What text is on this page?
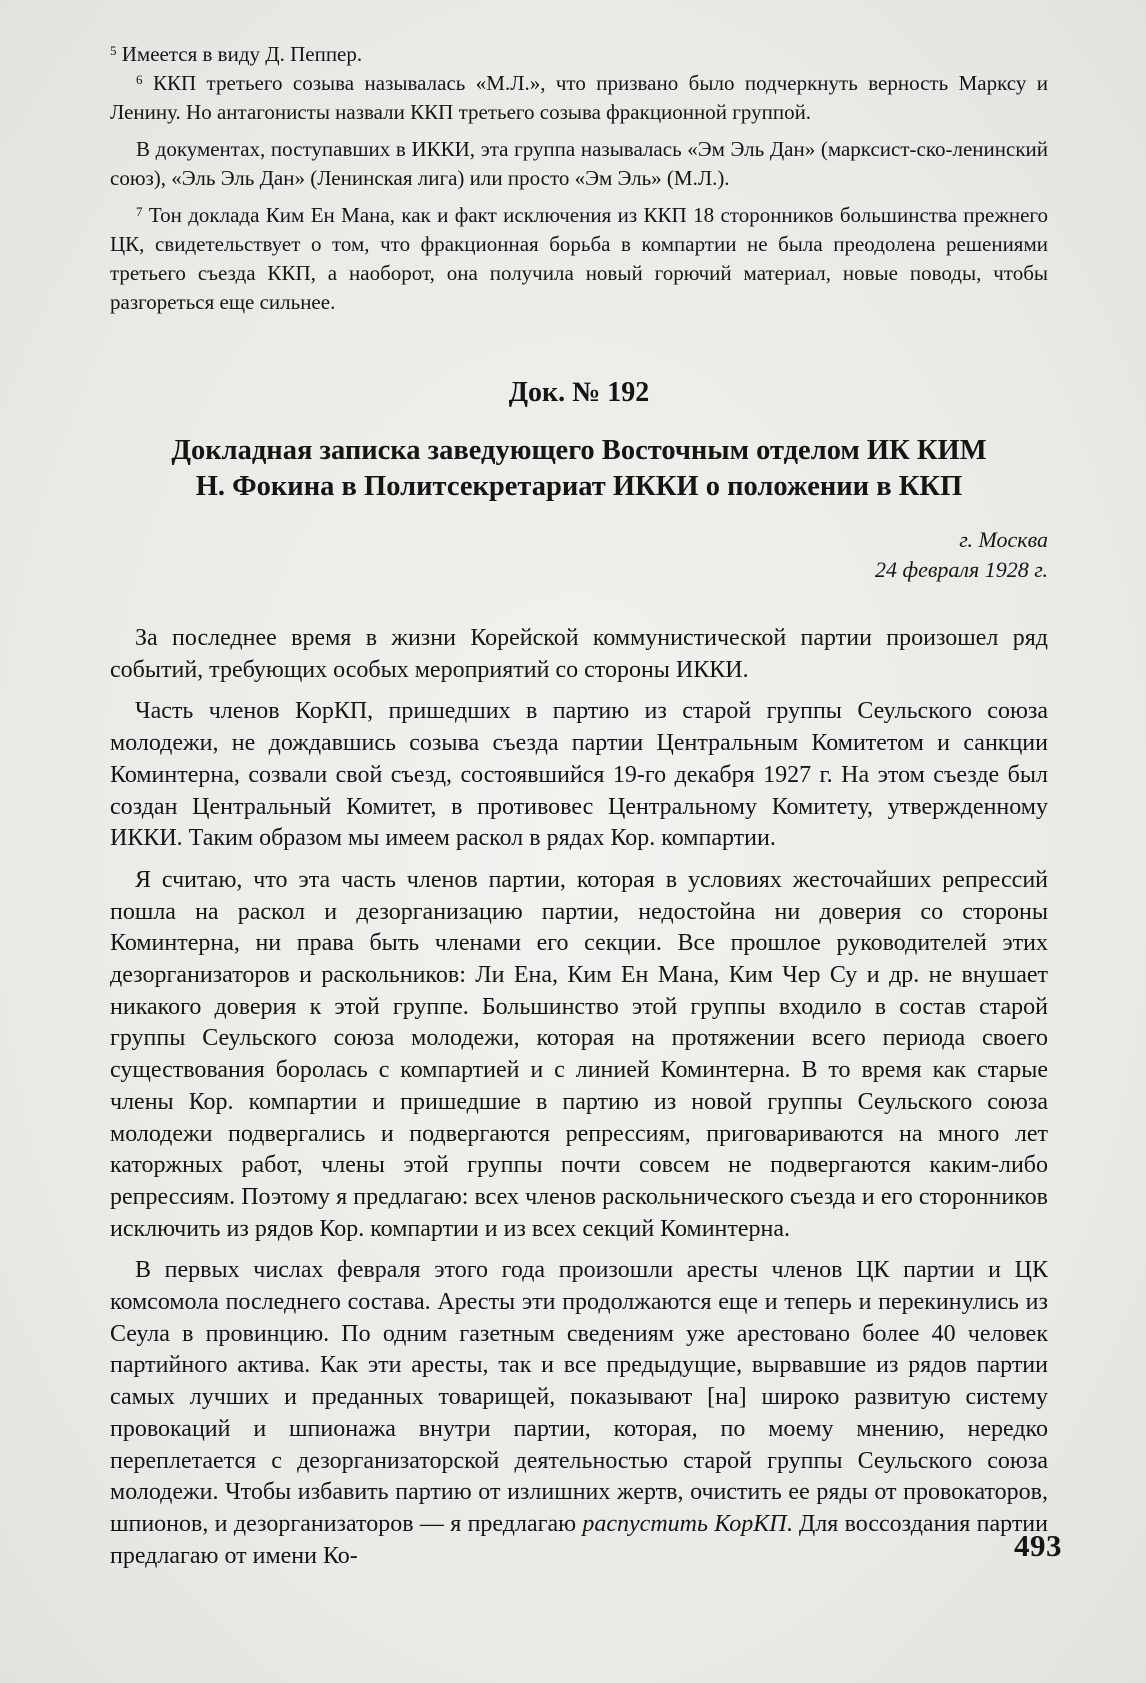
$^5$ Имеется в виду Д. Пеппер.

$^6$ ККП третьего созыва называлась «М.Л.», что призвано было подчеркнуть верность Марксу и Ленину. Но антагонисты назвали ККП третьего созыва фракционной группой.

В документах, поступавших в ИККИ, эта группа называлась «Эм Эль Дан» (марксист-ско-ленинский союз), «Эль Эль Дан» (Ленинская лига) или просто «Эм Эль» (М.Л.).

$^7$ Тон доклада Ким Ен Мана, как и факт исключения из ККП 18 сторонников большинства прежнего ЦК, свидетельствует о том, что фракционная борьба в компартии не была преодолена решениями третьего съезда ККП, а наоборот, она получила новый горючий материал, новые поводы, чтобы разгореться еще сильнее.

Док. № 192
Докладная записка заведующего Восточным отделом ИК КИМ
Н. Фокина в Политсекретариат ИККИ о положении в ККП

г. Москва

24 февраля 1928 г.

За последнее время в жизни Корейской коммунистической партии произошел ряд событий, требующих особых мероприятий со стороны ИККИ.

Часть членов КорКП, пришедших в партию из старой группы Сеульского союза молодежи, не дождавшись созыва съезда партии Центральным Комитетом и санкции Коминтерна, созвали свой съезд, состоявшийся 19-го декабря 1927 г. На этом съезде был создан Центральный Комитет, в противовес Центральному Комитету, утвержденному ИККИ. Таким образом мы имеем раскол в рядах Кор. компартии.

Я считаю, что эта часть членов партии, которая в условиях жесточайших репрессий пошла на раскол и дезорганизацию партии, недостойна ни доверия со стороны Коминтерна, ни права быть членами его секции. Все прошлое руководителей этих дезорганизаторов и раскольников: Ли Ена, Ким Ен Мана, Ким Чер Су и др. не внушает никакого доверия к этой группе. Большинство этой группы входило в состав старой группы Сеульского союза молодежи, которая на протяжении всего периода своего существования боролась с компартией и с линией Коминтерна. В то время как старые члены Кор. компартии и пришедшие в партию из новой группы Сеульского союза молодежи подвергались и подвергаются репрессиям, приговариваются на много лет каторжных работ, члены этой группы почти совсем не подвергаются каким-либо репрессиям. Поэтому я предлагаю: всех членов раскольнического съезда и его сторонников исключить из рядов Кор. компартии и из всех секций Коминтерна.

В первых числах февраля этого года произошли аресты членов ЦК партии и ЦК комсомола последнего состава. Аресты эти продолжаются еще и теперь и перекинулись из Сеула в провинцию. По одним газетным сведениям уже арестовано более 40 человек партийного актива. Как эти аресты, так и все предыдущие, вырвавшие из рядов партии самых лучших и преданных товарищей, показывают [на] широко развитую систему провокаций и шпионажа внутри партии, которая, по моему мнению, нередко переплетается с дезорганизаторской деятельностью старой группы Сеульского союза молодежи. Чтобы избавить партию от излишних жертв, очистить ее ряды от провокаторов, шпионов, и дезорганизаторов — я предлагаю распустить КорКП. Для воссоздания партии предлагаю от имени Ко-	493
